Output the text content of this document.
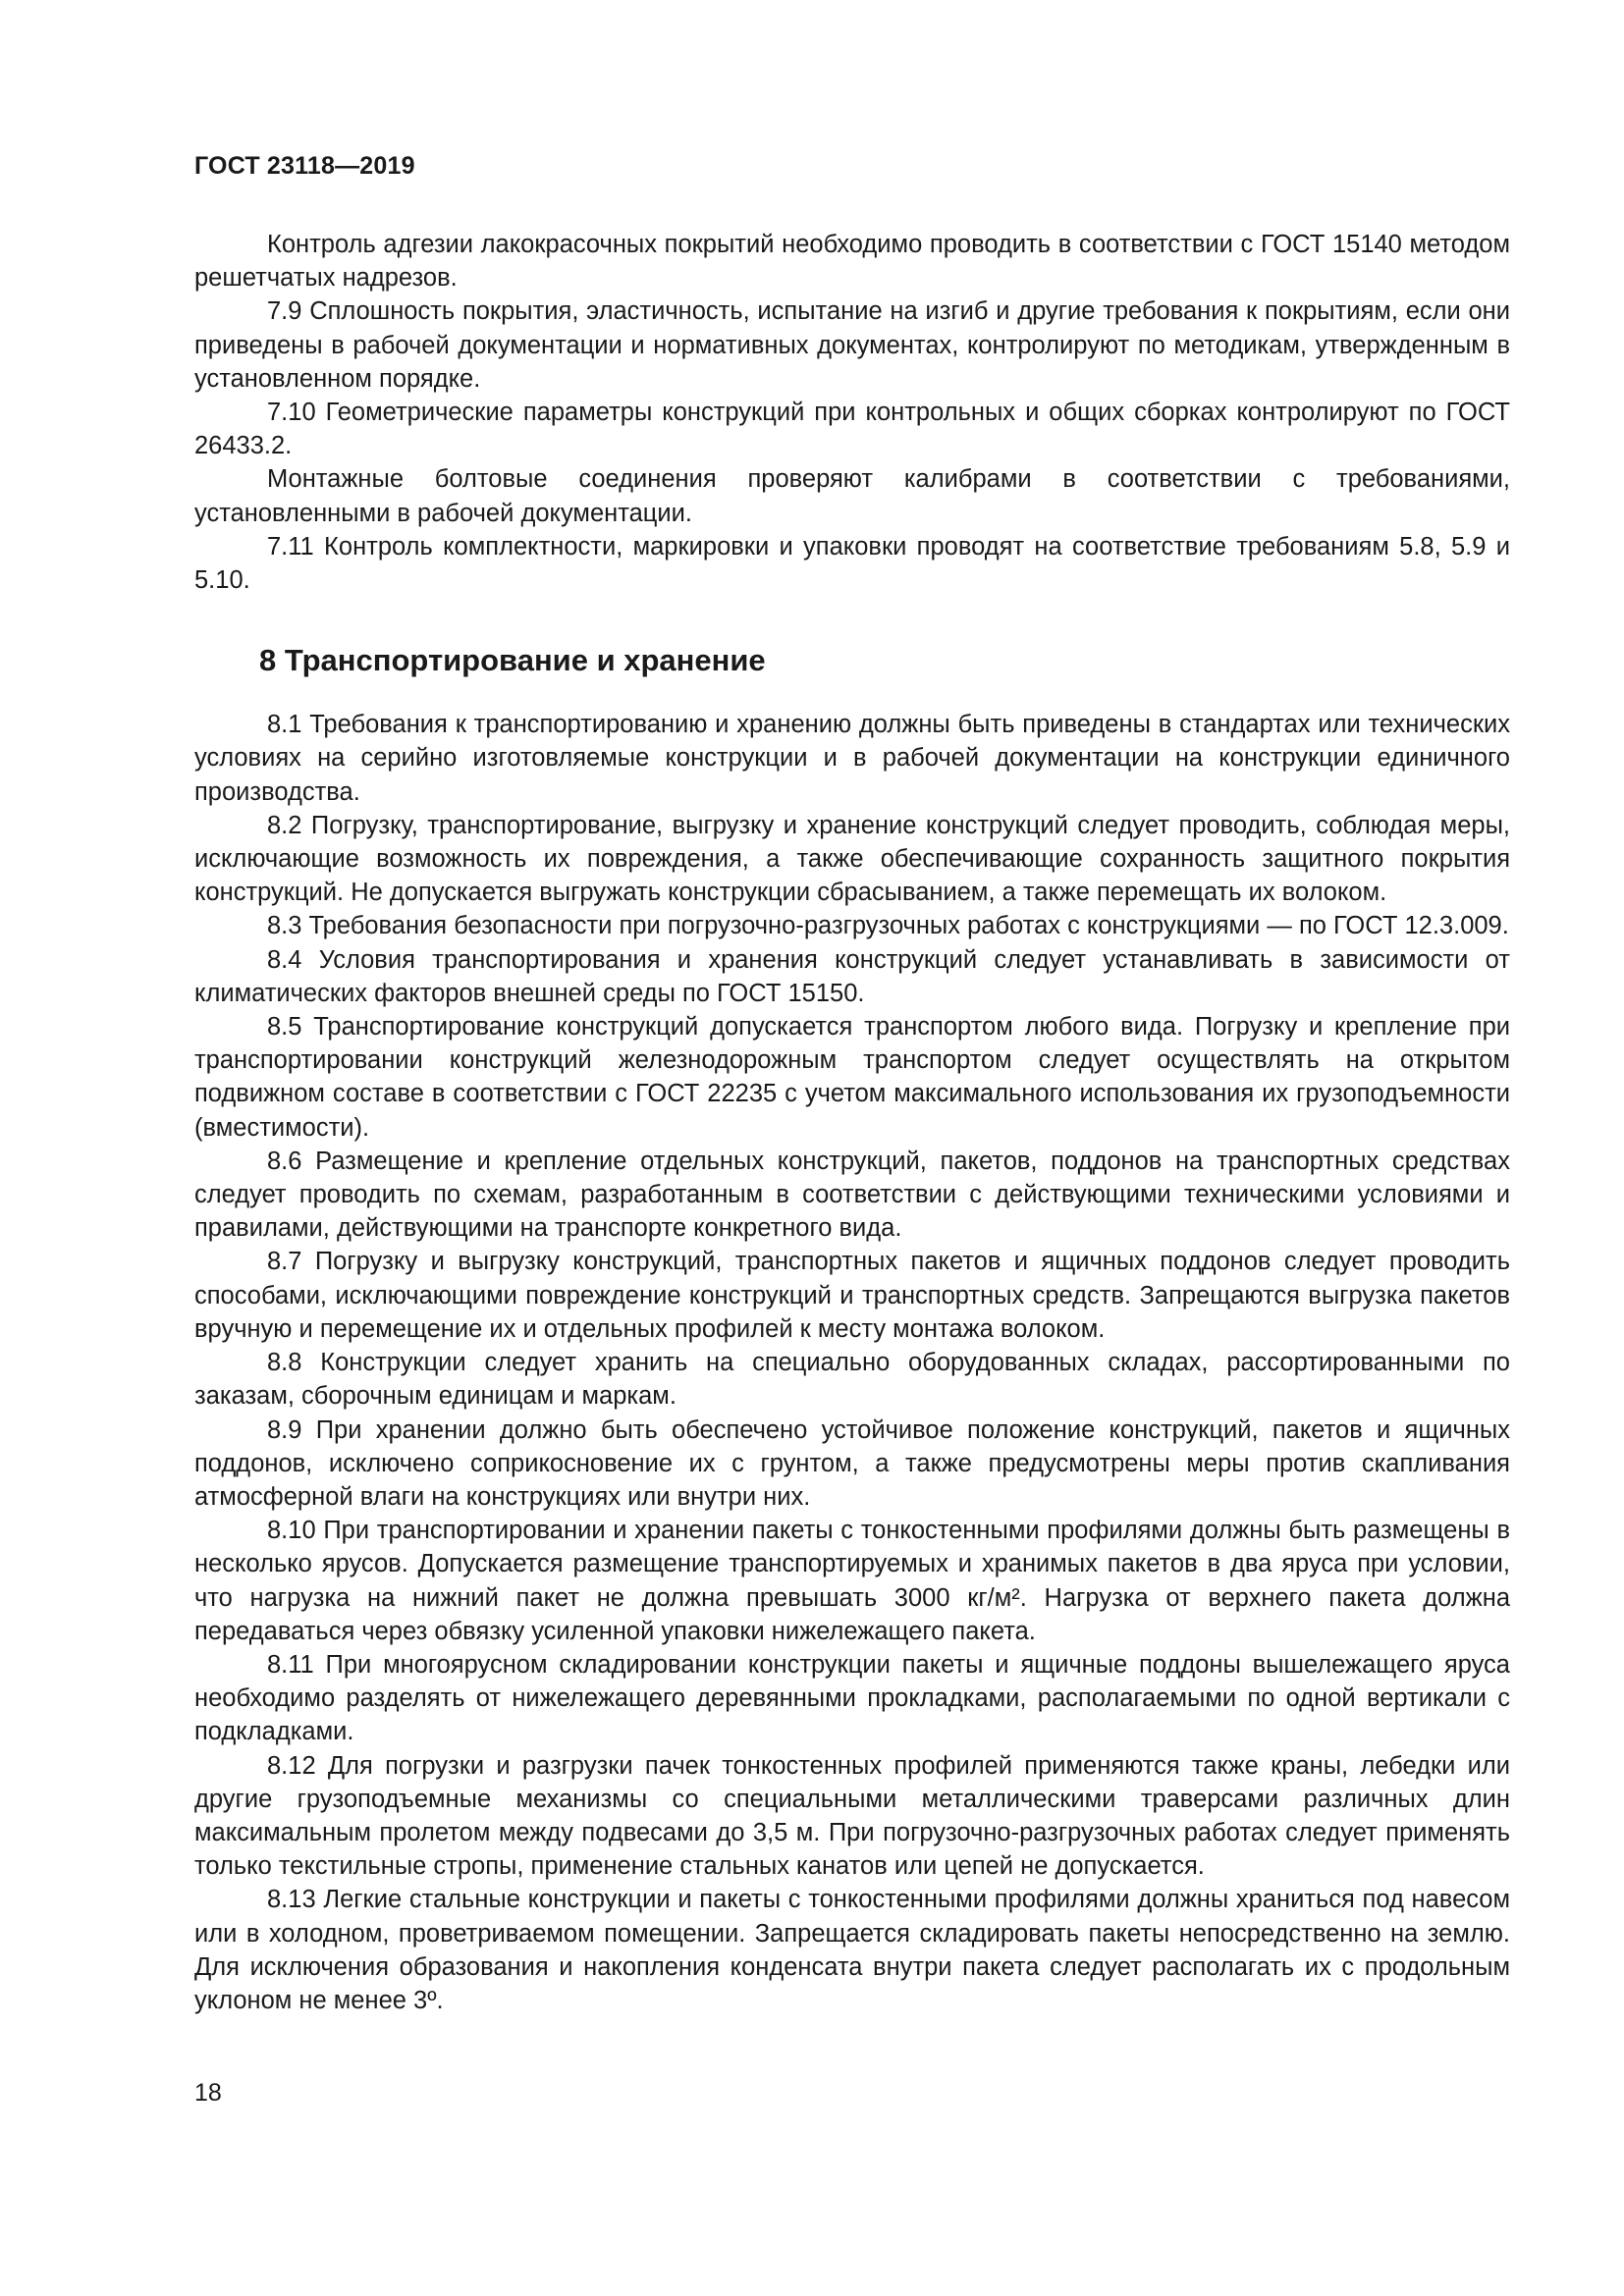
ГОСТ 23118—2019

Контроль адгезии лакокрасочных покрытий необходимо проводить в соответствии с ГОСТ 15140 методом решетчатых надрезов.

7.9 Сплошность покрытия, эластичность, испытание на изгиб и другие требования к покрытиям, если они приведены в рабочей документации и нормативных документах, контролируют по методикам, утвержденным в установленном порядке.

7.10 Геометрические параметры конструкций при контрольных и общих сборках контролируют по ГОСТ 26433.2.

Монтажные болтовые соединения проверяют калибрами в соответствии с требованиями, установленными в рабочей документации.

7.11 Контроль комплектности, маркировки и упаковки проводят на соответствие требованиям 5.8, 5.9 и 5.10.

8 Транспортирование и хранение

8.1 Требования к транспортированию и хранению должны быть приведены в стандартах или технических условиях на серийно изготовляемые конструкции и в рабочей документации на конструкции единичного производства.

8.2 Погрузку, транспортирование, выгрузку и хранение конструкций следует проводить, соблюдая меры, исключающие возможность их повреждения, а также обеспечивающие сохранность защитного покрытия конструкций. Не допускается выгружать конструкции сбрасыванием, а также перемещать их волоком.

8.3 Требования безопасности при погрузочно-разгрузочных работах с конструкциями — по ГОСТ 12.3.009.

8.4 Условия транспортирования и хранения конструкций следует устанавливать в зависимости от климатических факторов внешней среды по ГОСТ 15150.

8.5 Транспортирование конструкций допускается транспортом любого вида. Погрузку и крепление при транспортировании конструкций железнодорожным транспортом следует осуществлять на открытом подвижном составе в соответствии с ГОСТ 22235 с учетом максимального использования их грузоподъемности (вместимости).

8.6 Размещение и крепление отдельных конструкций, пакетов, поддонов на транспортных средствах следует проводить по схемам, разработанным в соответствии с действующими техническими условиями и правилами, действующими на транспорте конкретного вида.

8.7 Погрузку и выгрузку конструкций, транспортных пакетов и ящичных поддонов следует проводить способами, исключающими повреждение конструкций и транспортных средств. Запрещаются выгрузка пакетов вручную и перемещение их и отдельных профилей к месту монтажа волоком.

8.8 Конструкции следует хранить на специально оборудованных складах, рассортированными по заказам, сборочным единицам и маркам.

8.9 При хранении должно быть обеспечено устойчивое положение конструкций, пакетов и ящичных поддонов, исключено соприкосновение их с грунтом, а также предусмотрены меры против скапливания атмосферной влаги на конструкциях или внутри них.

8.10 При транспортировании и хранении пакеты с тонкостенными профилями должны быть размещены в несколько ярусов. Допускается размещение транспортируемых и хранимых пакетов в два яруса при условии, что нагрузка на нижний пакет не должна превышать 3000 кг/м². Нагрузка от верхнего пакета должна передаваться через обвязку усиленной упаковки нижележащего пакета.

8.11 При многоярусном складировании конструкции пакеты и ящичные поддоны вышележащего яруса необходимо разделять от нижележащего деревянными прокладками, располагаемыми по одной вертикали с подкладками.

8.12 Для погрузки и разгрузки пачек тонкостенных профилей применяются также краны, лебедки или другие грузоподъемные механизмы со специальными металлическими траверсами различных длин максимальным пролетом между подвесами до 3,5 м. При погрузочно-разгрузочных работах следует применять только текстильные стропы, применение стальных канатов или цепей не допускается.

8.13 Легкие стальные конструкции и пакеты с тонкостенными профилями должны храниться под навесом или в холодном, проветриваемом помещении. Запрещается складировать пакеты непосредственно на землю. Для исключения образования и накопления конденсата внутри пакета следует располагать их с продольным уклоном не менее 3º.

18
